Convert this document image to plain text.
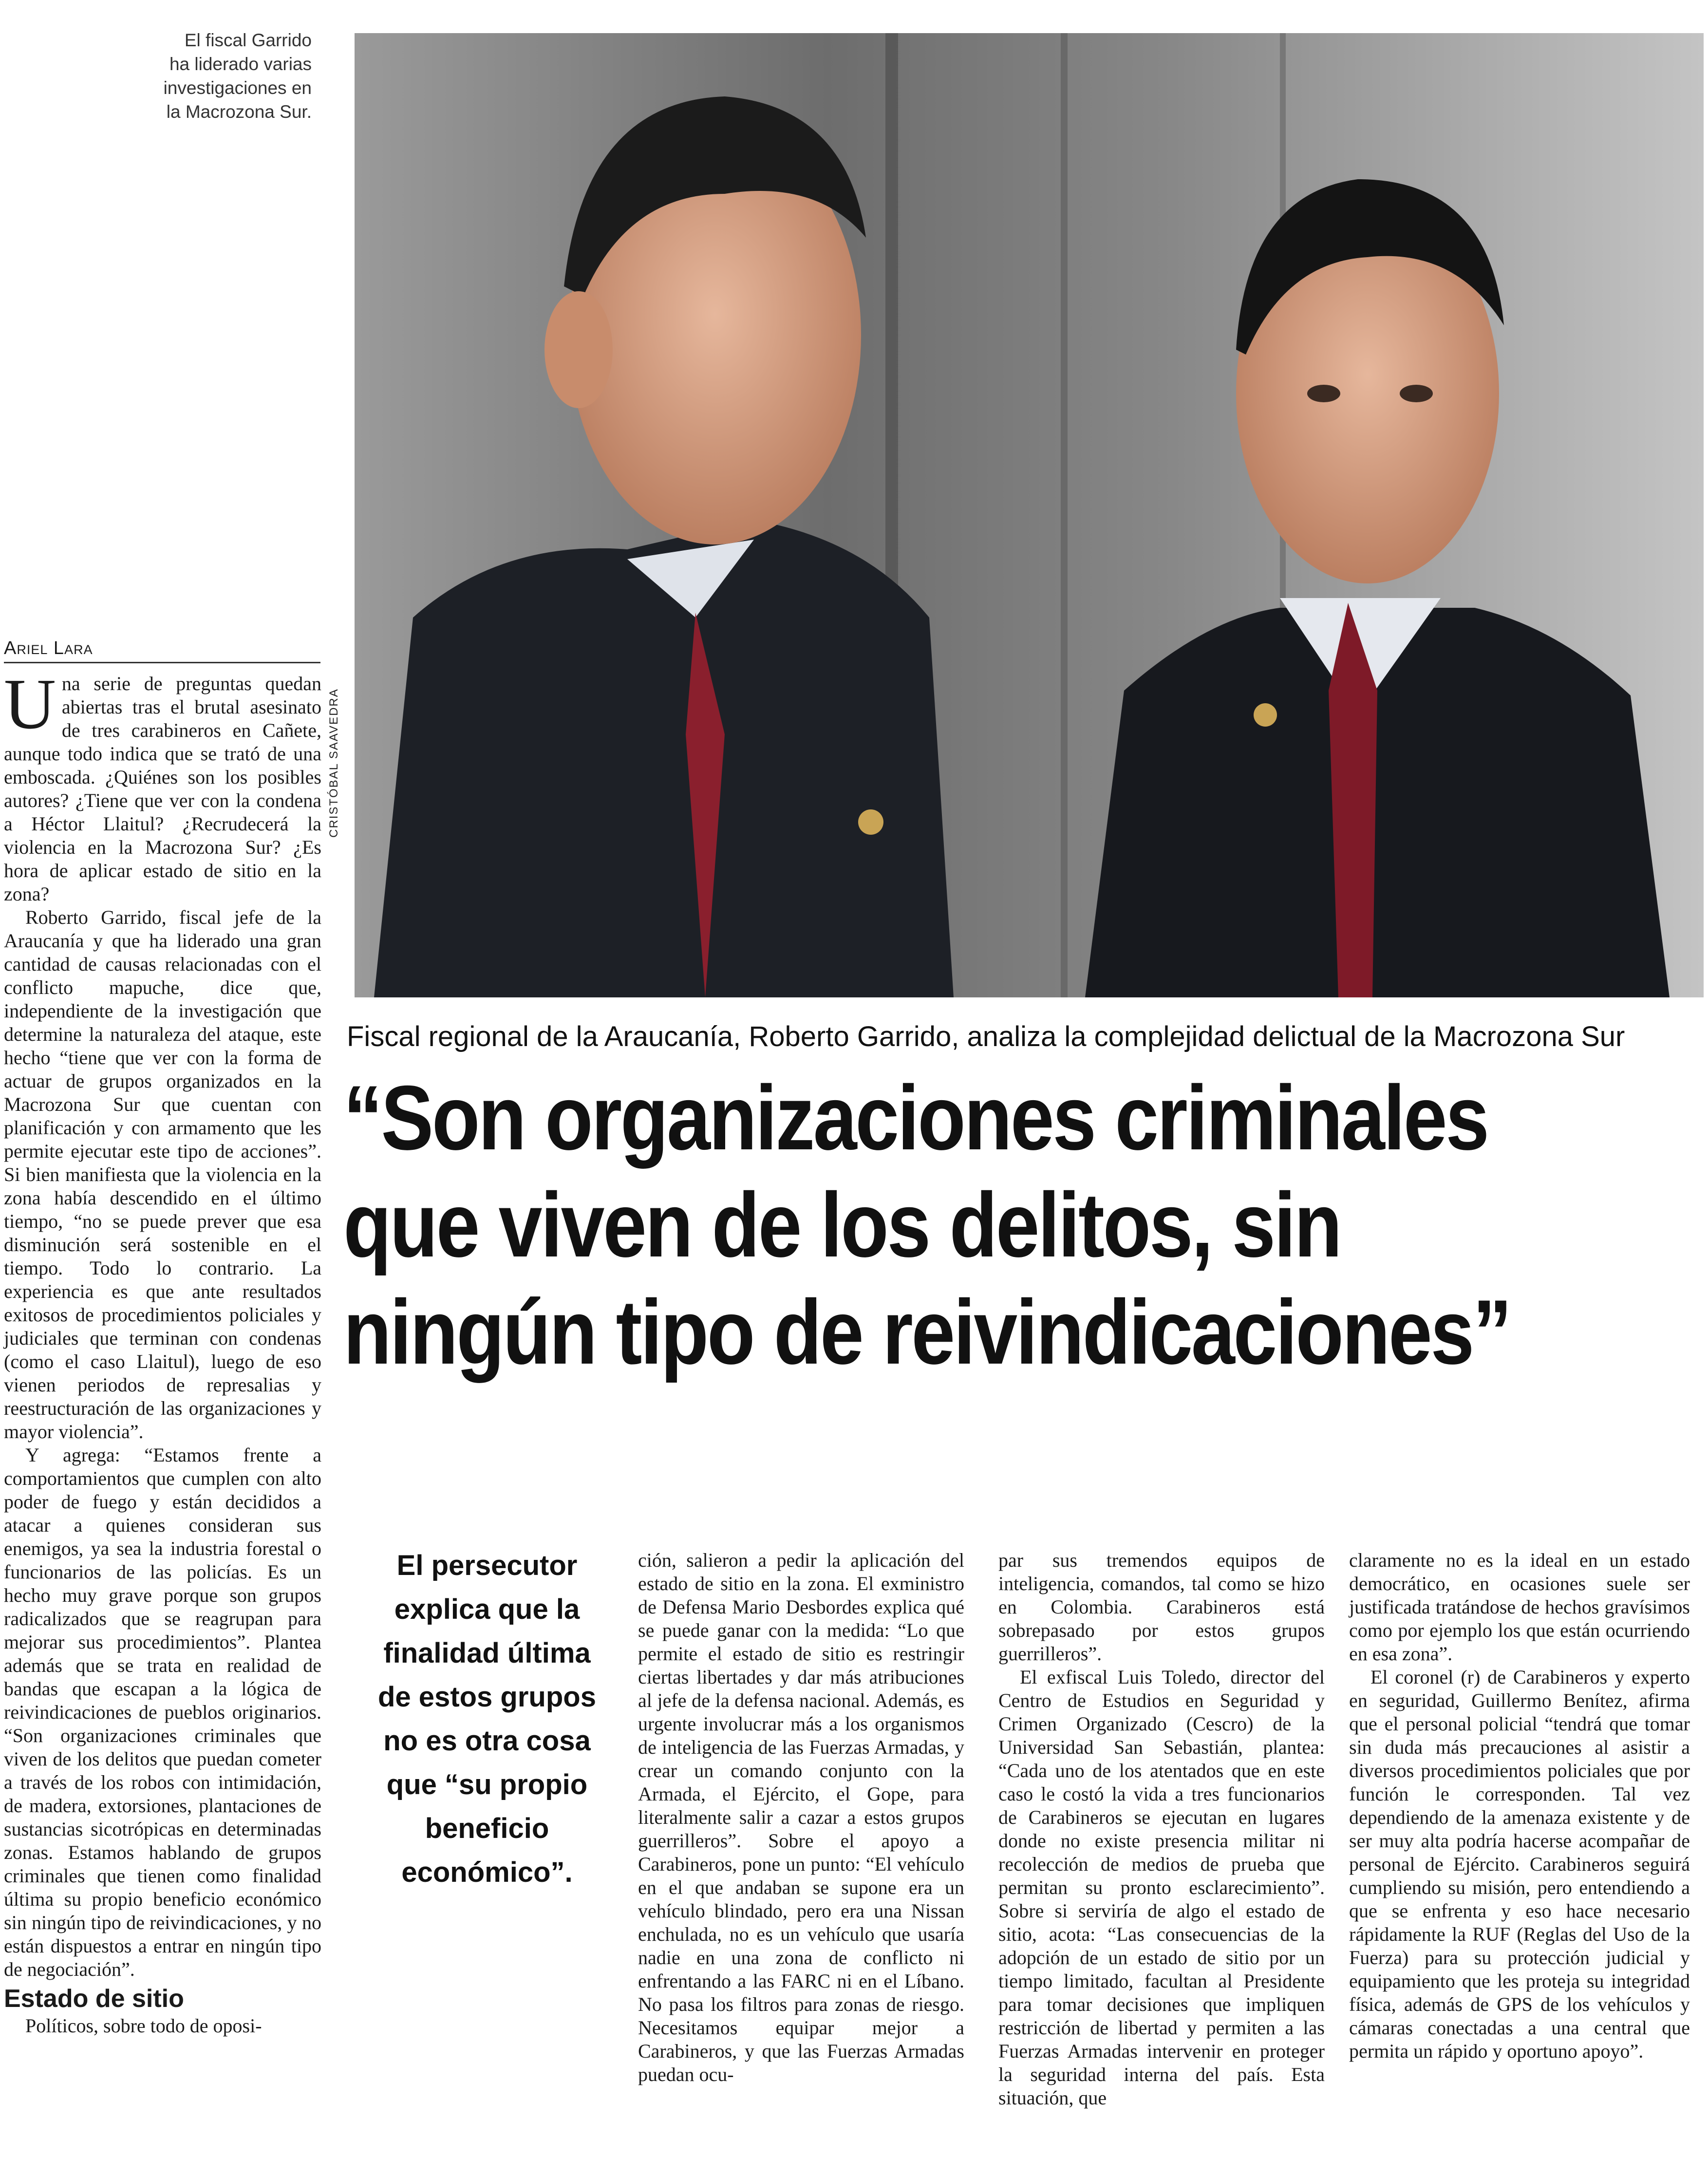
El fiscal Garrido ha liderado varias investigaciones en la Macrozona Sur.
CRISTÓBAL SAAVEDRA
Ariel Lara

Una serie de preguntas quedan abiertas tras el brutal asesinato de tres carabineros en Cañete, aunque todo indica que se trató de una emboscada. ¿Quiénes son los posibles autores? ¿Tiene que ver con la condena a Héctor Llaitul? ¿Recrudecerá la violencia en la Macrozona Sur? ¿Es hora de aplicar estado de sitio en la zona?

Roberto Garrido, fiscal jefe de la Araucanía y que ha liderado una gran cantidad de causas relacionadas con el conflicto mapuche, dice que, independiente de la investigación que determine la naturaleza del ataque, este hecho “tiene que ver con la forma de actuar de grupos organizados en la Macrozona Sur que cuentan con planificación y con armamento que les permite ejecutar este tipo de acciones”. Si bien manifiesta que la violencia en la zona había descendido en el último tiempo, “no se puede prever que esa disminución será sostenible en el tiempo. Todo lo contrario. La experiencia es que ante resultados exitosos de procedimientos policiales y judiciales que terminan con condenas (como el caso Llaitul), luego de eso vienen periodos de represalias y reestructuración de las organizaciones y mayor violencia”.

Y agrega: “Estamos frente a comportamientos que cumplen con alto poder de fuego y están decididos a atacar a quienes consideran sus enemigos, ya sea la industria forestal o funcionarios de las policías. Es un hecho muy grave porque son grupos radicalizados que se reagrupan para mejorar sus procedimientos”. Plantea además que se trata en realidad de bandas que escapan a la lógica de reivindicaciones de pueblos originarios. “Son organizaciones criminales que viven de los delitos que puedan cometer a través de los robos con intimidación, de madera, extorsiones, plantaciones de sustancias sicotrópicas en determinadas zonas. Estamos hablando de grupos criminales que tienen como finalidad última su propio beneficio económico sin ningún tipo de reivindicaciones, y no están dispuestos a entrar en ningún tipo de negociación”.

Estado de sitio

Políticos, sobre todo de oposi-

Fiscal regional de la Araucanía, Roberto Garrido, analiza la complejidad delictual de la Macrozona Sur
“Son organizaciones criminales que viven de los delitos, sin ningún tipo de reivindicaciones”
El persecutor explica que la finalidad última de estos grupos no es otra cosa que “su propio beneficio económico”.

ción, salieron a pedir la aplicación del estado de sitio en la zona. El exministro de Defensa Mario Desbordes explica qué se puede ganar con la medida: “Lo que permite el estado de sitio es restringir ciertas libertades y dar más atribuciones al jefe de la defensa nacional. Además, es urgente involucrar más a los organismos de inteligencia de las Fuerzas Armadas, y crear un comando conjunto con la Armada, el Ejército, el Gope, para literalmente salir a cazar a estos grupos guerrilleros”. Sobre el apoyo a Carabineros, pone un punto: “El vehículo en el que andaban se supone era un vehículo blindado, pero era una Nissan enchulada, no es un vehículo que usaría nadie en una zona de conflicto ni enfrentando a las FARC ni en el Líbano. No pasa los filtros para zonas de riesgo. Necesitamos equipar mejor a Carabineros, y que las Fuerzas Armadas puedan ocu-

par sus tremendos equipos de inteligencia, comandos, tal como se hizo en Colombia. Carabineros está sobrepasado por estos grupos guerrilleros”.

El exfiscal Luis Toledo, director del Centro de Estudios en Seguridad y Crimen Organizado (Cescro) de la Universidad San Sebastián, plantea: “Cada uno de los atentados que en este caso le costó la vida a tres funcionarios de Carabineros se ejecutan en lugares donde no existe presencia militar ni recolección de medios de prueba que permitan su pronto esclarecimiento”. Sobre si serviría de algo el estado de sitio, acota: “Las consecuencias de la adopción de un estado de sitio por un tiempo limitado, facultan al Presidente para tomar decisiones que impliquen restricción de libertad y permiten a las Fuerzas Armadas intervenir en proteger la seguridad interna del país. Esta situación, que

claramente no es la ideal en un estado democrático, en ocasiones suele ser justificada tratándose de hechos gravísimos como por ejemplo los que están ocurriendo en esa zona”.

El coronel (r) de Carabineros y experto en seguridad, Guillermo Benítez, afirma que el personal policial “tendrá que tomar sin duda más precauciones al asistir a diversos procedimientos policiales que por función le corresponden. Tal vez dependiendo de la amenaza existente y de ser muy alta podría hacerse acompañar de personal de Ejército. Carabineros seguirá cumpliendo su misión, pero entendiendo a que se enfrenta y eso hace necesario rápidamente la RUF (Reglas del Uso de la Fuerza) para su protección judicial y equipamiento que les proteja su integridad física, además de GPS de los vehículos y cámaras conectadas a una central que permita un rápido y oportuno apoyo”.
